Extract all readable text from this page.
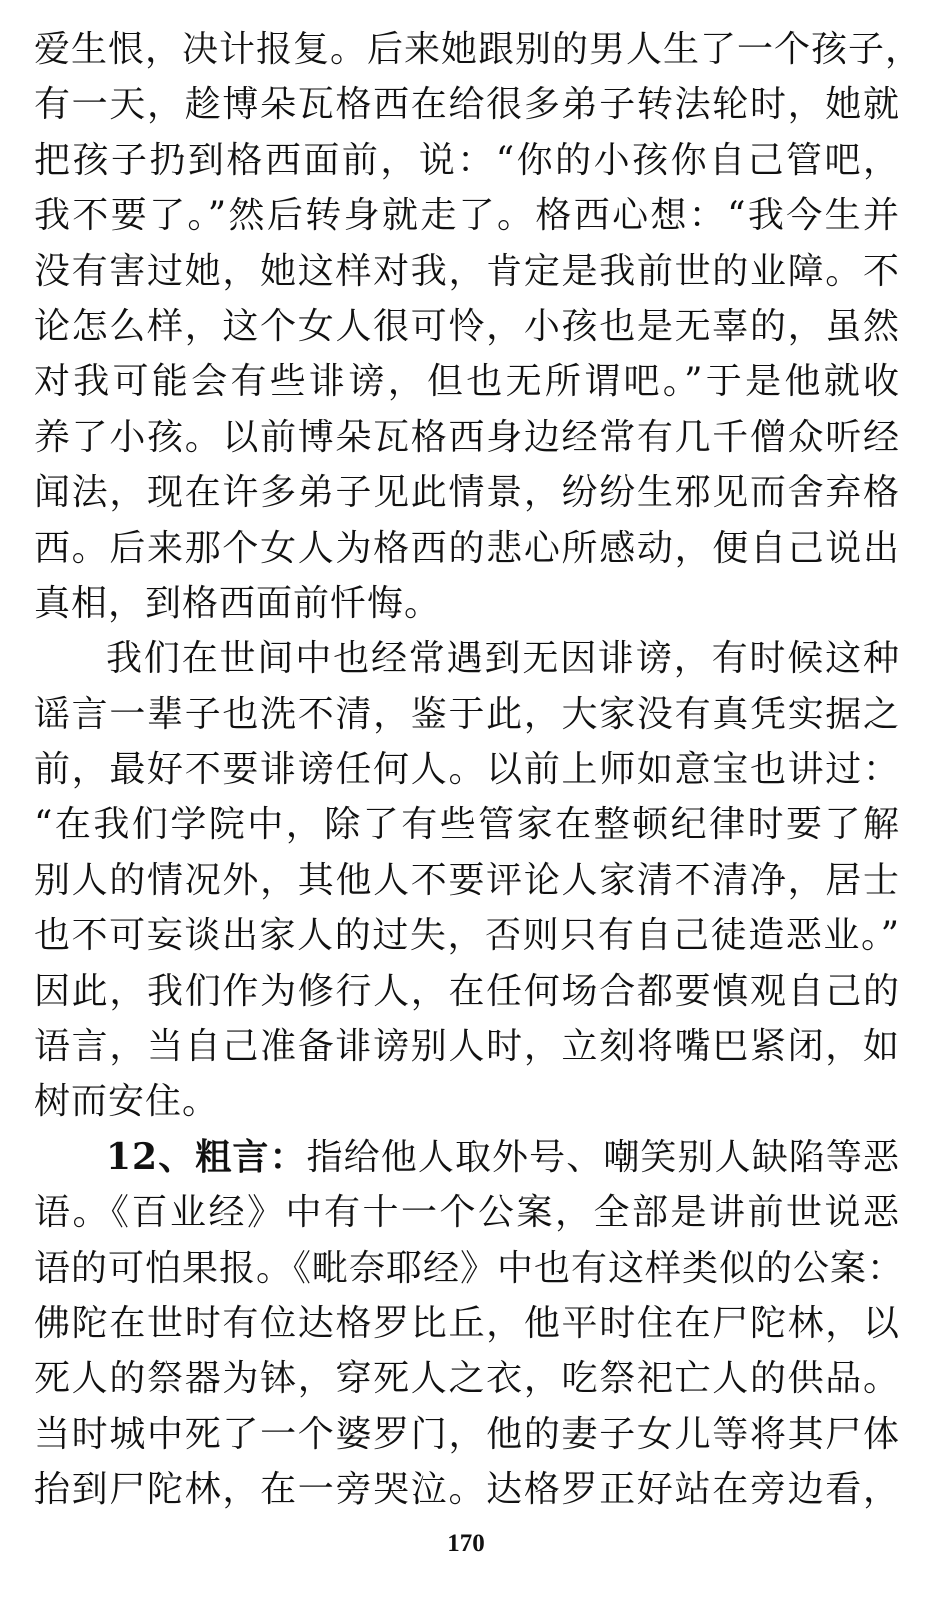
爱生恨，决计报复。后来她跟别的男人生了一个孩子，
有一天，趁博朵瓦格西在给很多弟子转法轮时，她就
把孩子扔到格西面前，说：“你的小孩你自己管吧，
我不要了。”然后转身就走了。格西心想：“我今生并
没有害过她，她这样对我，肯定是我前世的业障。不
论怎么样，这个女人很可怜，小孩也是无辜的，虽然
对我可能会有些诽谤，但也无所谓吧。”于是他就收
养了小孩。以前博朵瓦格西身边经常有几千僧众听经
闻法，现在许多弟子见此情景，纷纷生邪见而舍弃格
西。后来那个女人为格西的悲心所感动，便自己说出
真相，到格西面前忏悔。
我们在世间中也经常遇到无因诽谤，有时候这种
谣言一辈子也洗不清，鉴于此，大家没有真凭实据之
前，最好不要诽谤任何人。以前上师如意宝也讲过：
“在我们学院中，除了有些管家在整顿纪律时要了解
别人的情况外，其他人不要评论人家清不清净，居士
也不可妄谈出家人的过失，否则只有自己徒造恶业。”
因此，我们作为修行人，在任何场合都要慎观自己的
语言，当自己准备诽谤别人时，立刻将嘴巴紧闭，如
树而安住。
12、粗言：指给他人取外号、嘲笑别人缺陷等恶
语。《百业经》中有十一个公案，全部是讲前世说恶
语的可怕果报。《毗奈耶经》中也有这样类似的公案：
佛陀在世时有位达格罗比丘，他平时住在尸陀林，以
死人的祭器为钵，穿死人之衣，吃祭祀亡人的供品。
当时城中死了一个婆罗门，他的妻子女儿等将其尸体
抬到尸陀林，在一旁哭泣。达格罗正好站在旁边看，
170
